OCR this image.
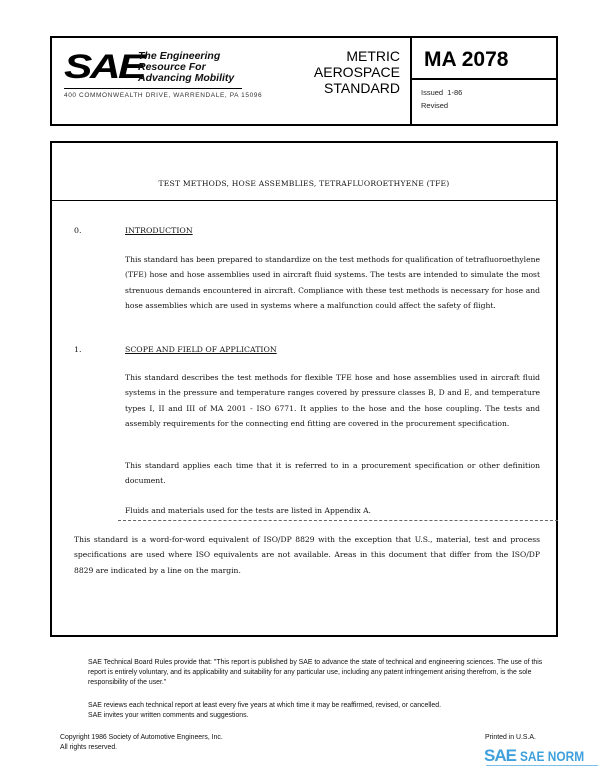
SAE
The Engineering
Resource For
Advancing Mobility
400 COMMONWEALTH DRIVE, WARRENDALE, PA 15096
METRIC
AEROSPACE
STANDARD
MA 2078
Issued 1-86
Revised
TEST METHODS, HOSE ASSEMBLIES, TETRAFLUOROETHYENE (TFE)
0.	INTRODUCTION
This standard has been prepared to standardize on the test methods for qualification of tetrafluoroethylene (TFE) hose and hose assemblies used in aircraft fluid systems. The tests are intended to simulate the most strenuous demands encountered in aircraft. Compliance with these test methods is necessary for hose and hose assemblies which are used in systems where a malfunction could affect the safety of flight.
1.	SCOPE AND FIELD OF APPLICATION
This standard describes the test methods for flexible TFE hose and hose assemblies used in aircraft fluid systems in the pressure and temperature ranges covered by pressure classes B, D and E, and temperature types I, II and III of MA 2001 - ISO 6771. It applies to the hose and the hose coupling. The tests and assembly requirements for the connecting end fitting are covered in the procurement specification.
This standard applies each time that it is referred to in a procurement specification or other definition document.
Fluids and materials used for the tests are listed in Appendix A.
This standard is a word-for-word equivalent of ISO/DP 8829 with the exception that U.S., material, test and process specifications are used where ISO equivalents are not available. Areas in this document that differ from the ISO/DP 8829 are indicated by a line on the margin.
SAE Technical Board Rules provide that: "This report is published by SAE to advance the state of technical and engineering sciences. The use of this report is entirely voluntary, and its applicability and suitability for any particular use, including any patent infringement arising therefrom, is the sole responsibility of the user."
SAE reviews each technical report at least every five years at which time it may be reaffirmed, revised, or cancelled.
SAE invites your written comments and suggestions.
Copyright 1986 Society of Automotive Engineers, Inc.
All rights reserved.
Printed in U.S.A.
SAE SAE NORM
